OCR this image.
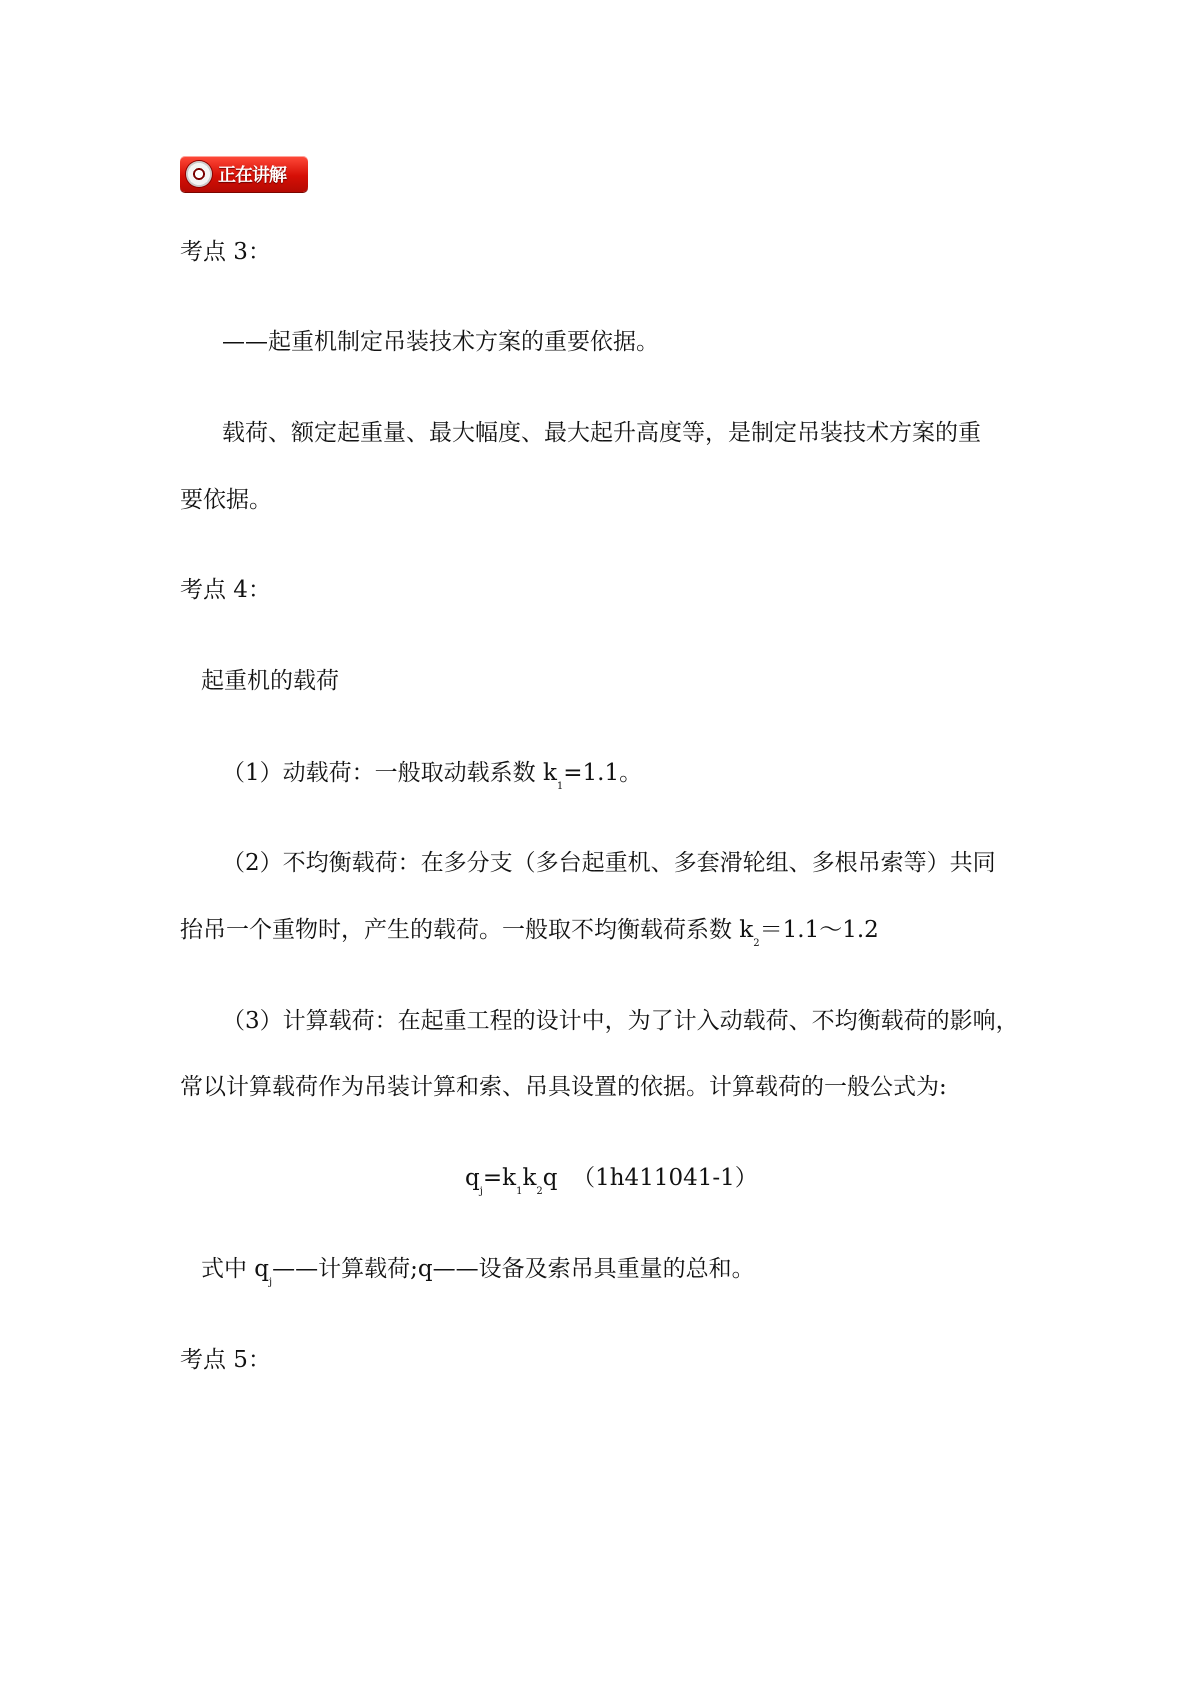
正在讲解
考点 3：
——起重机制定吊装技术方案的重要依据。
载荷、额定起重量、最大幅度、最大起升高度等，是制定吊装技术方案的重
要依据。
考点 4：
起重机的载荷
（1）动载荷：一般取动载系数 $k_1=1.1$。
（2）不均衡载荷：在多分支（多台起重机、多套滑轮组、多根吊索等）共同
抬吊一个重物时，产生的载荷。一般取不均衡载荷系数 $k_2=1.1\sim 1.2$
（3）计算载荷：在起重工程的设计中，为了计入动载荷、不均衡载荷的影响，
常以计算载荷作为吊装计算和索、吊具设置的依据。计算载荷的一般公式为:
$q_j=k_1k_2q$ （1h411041-1）
式中 $q_j——$计算载荷;q——设备及索吊具重量的总和。
考点 5：
